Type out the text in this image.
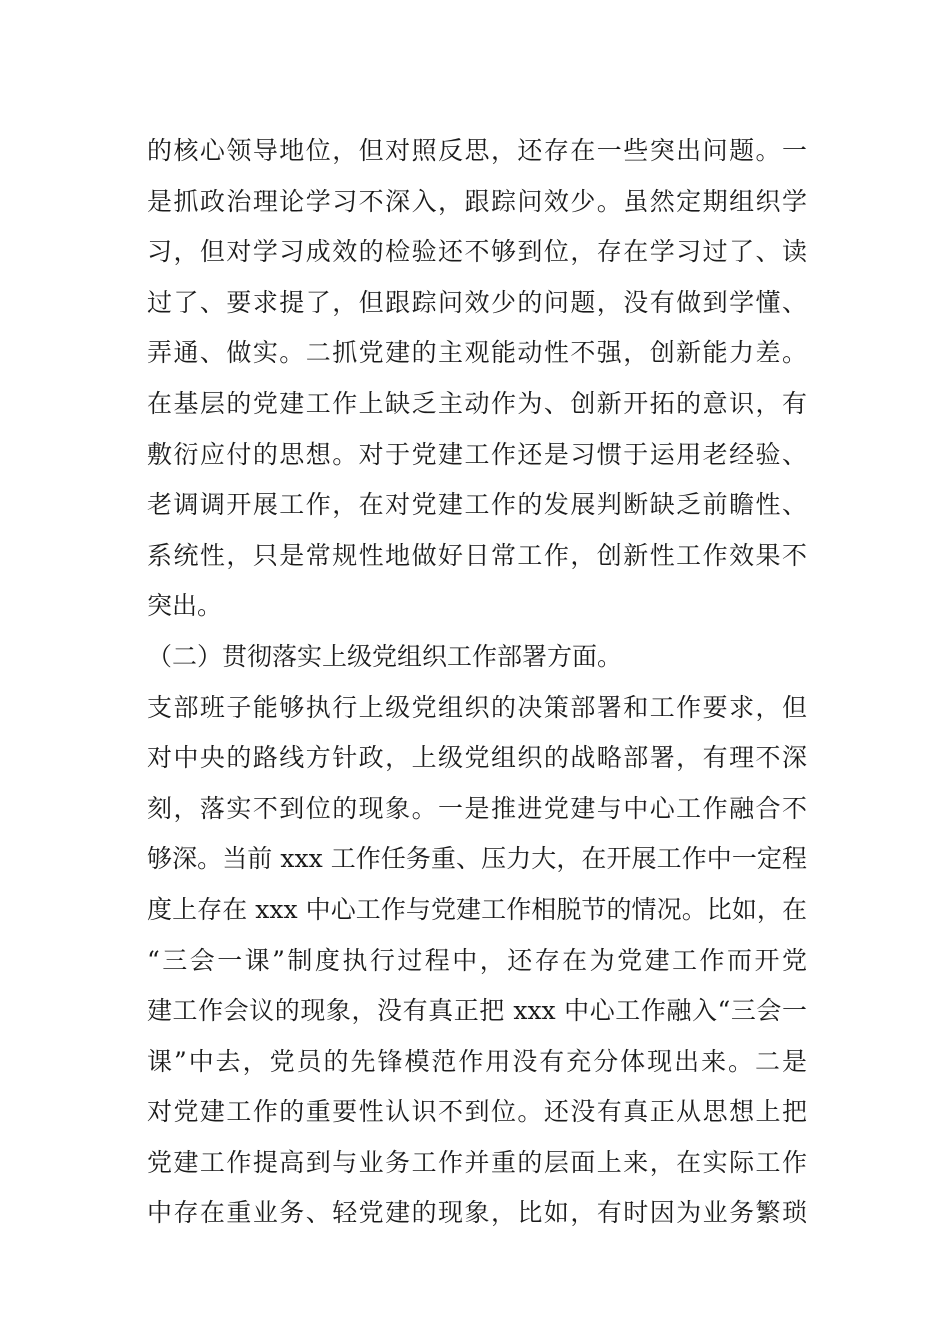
的核心领导地位，但对照反思，还存在一些突出问题。一
是抓政治理论学习不深入，跟踪问效少。虽然定期组织学
习，但对学习成效的检验还不够到位，存在学习过了、读
过了、要求提了，但跟踪问效少的问题，没有做到学懂、
弄通、做实。二抓党建的主观能动性不强，创新能力差。
在基层的党建工作上缺乏主动作为、创新开拓的意识，有
敷衍应付的思想。对于党建工作还是习惯于运用老经验、
老调调开展工作，在对党建工作的发展判断缺乏前瞻性、
系统性，只是常规性地做好日常工作，创新性工作效果不
突出。
（二）贯彻落实上级党组织工作部署方面。
支部班子能够执行上级党组织的决策部署和工作要求，但
对中央的路线方针政，上级党组织的战略部署，有理不深
刻，落实不到位的现象。一是推进党建与中心工作融合不
够深。当前 xxx 工作任务重、压力大，在开展工作中一定程
度上存在 xxx 中心工作与党建工作相脱节的情况。比如，在
“三会一课”制度执行过程中，还存在为党建工作而开党
建工作会议的现象，没有真正把 xxx 中心工作融入“三会一
课”中去，党员的先锋模范作用没有充分体现出来。二是
对党建工作的重要性认识不到位。还没有真正从思想上把
党建工作提高到与业务工作并重的层面上来，在实际工作
中存在重业务、轻党建的现象，比如，有时因为业务繁琐
